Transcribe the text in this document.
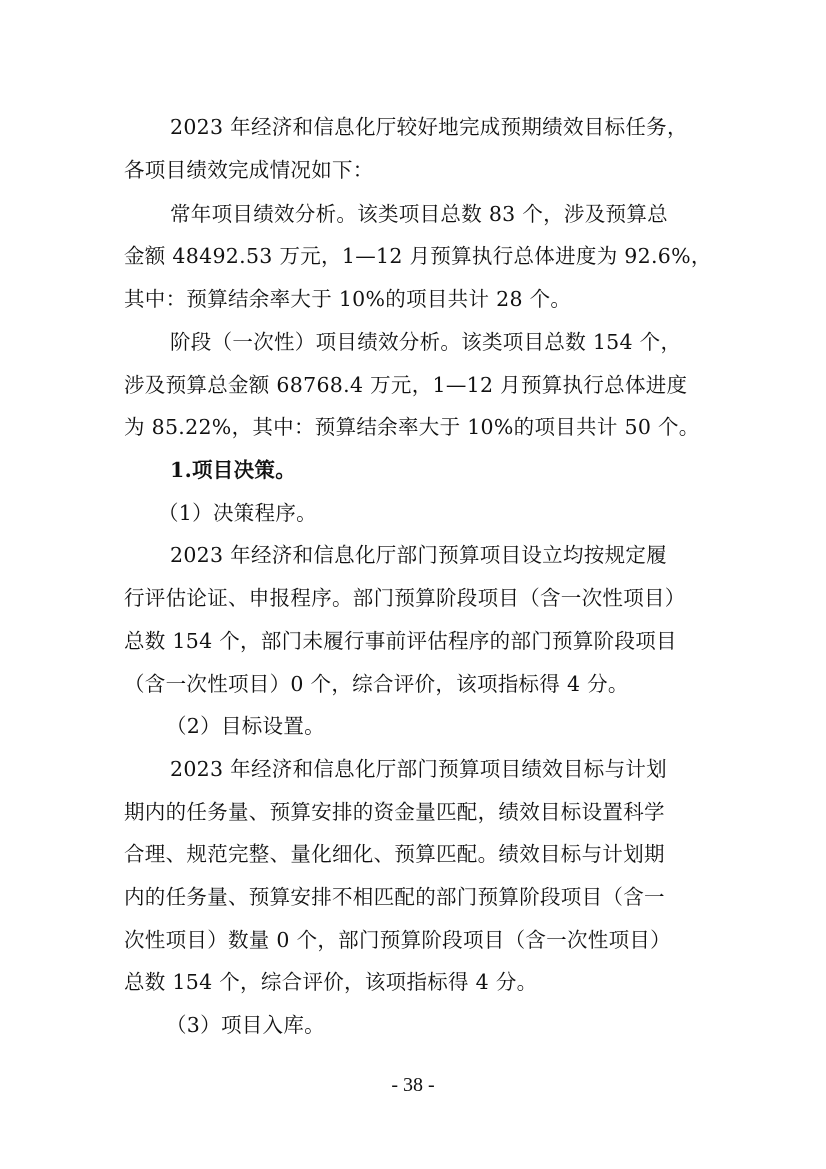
2023 年经济和信息化厅较好地完成预期绩效目标任务，

各项目绩效完成情况如下：

常年项目绩效分析。该类项目总数 83 个，涉及预算总

金额 48492.53 万元，1—12 月预算执行总体进度为 92.6%，

其中：预算结余率大于 10%的项目共计 28 个。

阶段（一次性）项目绩效分析。该类项目总数 154 个，

涉及预算总金额 68768.4 万元，1—12 月预算执行总体进度

为 85.22%，其中：预算结余率大于 10%的项目共计 50 个。

1.项目决策。

（1）决策程序。

2023 年经济和信息化厅部门预算项目设立均按规定履

行评估论证、申报程序。部门预算阶段项目（含一次性项目）

总数 154 个，部门未履行事前评估程序的部门预算阶段项目

（含一次性项目）0 个，综合评价，该项指标得 4 分。

（2）目标设置。

2023 年经济和信息化厅部门预算项目绩效目标与计划

期内的任务量、预算安排的资金量匹配，绩效目标设置科学

合理、规范完整、量化细化、预算匹配。绩效目标与计划期

内的任务量、预算安排不相匹配的部门预算阶段项目（含一

次性项目）数量 0 个，部门预算阶段项目（含一次性项目）

总数 154 个，综合评价，该项指标得 4 分。

（3）项目入库。

- 38 -
